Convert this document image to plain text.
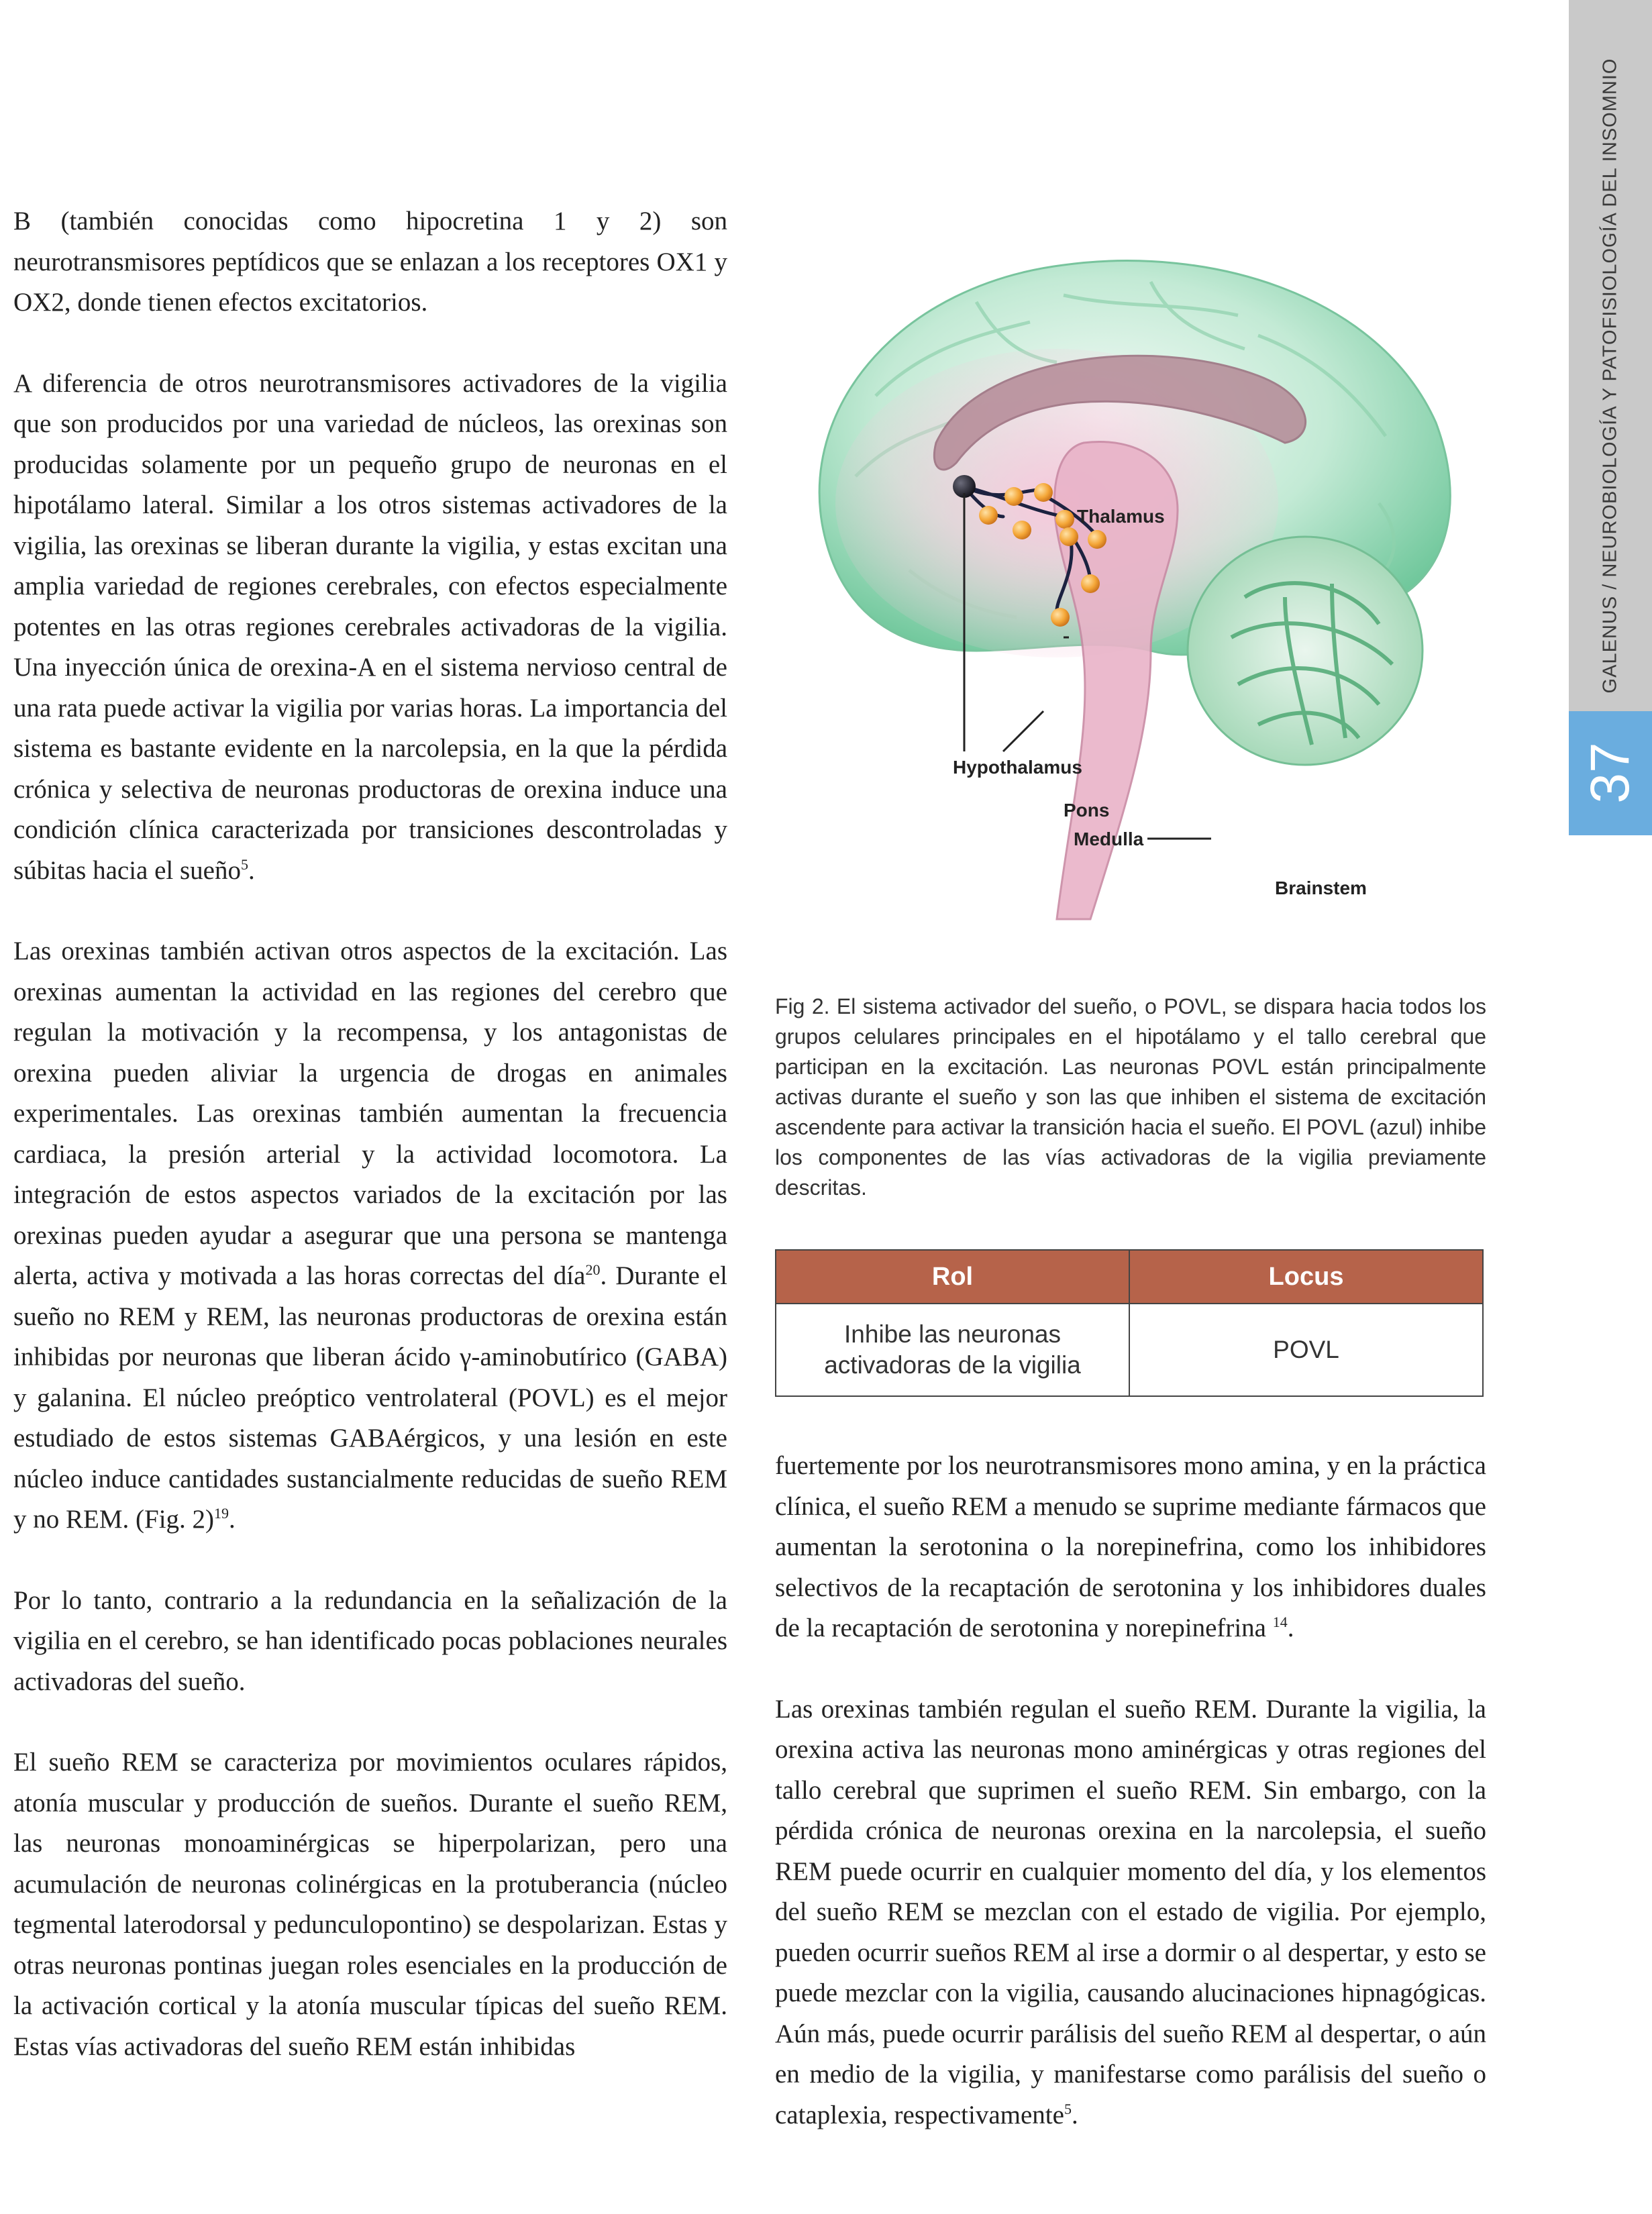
GALENUS / NEUROBIOLOGÍA Y PATOFISIOLOGÍA DEL INSOMNIO
37

B (también conocidas como hipocretina 1 y 2) son neurotransmisores peptídicos que se enlazan a los receptores OX1 y OX2, donde tienen efectos excitatorios.

A diferencia de otros neurotransmisores activadores de la vigilia que son producidos por una variedad de núcleos, las orexinas son producidas solamente por un pequeño grupo de neuronas en el hipotálamo lateral. Similar a los otros sistemas activadores de la vigilia, las orexinas se liberan durante la vigilia, y estas excitan una amplia variedad de regiones cerebrales, con efectos especialmente potentes en las otras regiones cerebrales activadoras de la vigilia. Una inyección única de orexina-A en el sistema nervioso central de una rata puede activar la vigilia por varias horas. La importancia del sistema es bastante evidente en la narcolepsia, en la que la pérdida crónica y selectiva de neuronas productoras de orexina induce una condición clínica caracterizada por transiciones descontroladas y súbitas hacia el sueño$^5$.

Las orexinas también activan otros aspectos de la excitación. Las orexinas aumentan la actividad en las regiones del cerebro que regulan la motivación y la recompensa, y los antagonistas de orexina pueden aliviar la urgencia de drogas en animales experimentales. Las orexinas también aumentan la frecuencia cardiaca, la presión arterial y la actividad locomotora. La integración de estos aspectos variados de la excitación por las orexinas pueden ayudar a asegurar que una persona se mantenga alerta, activa y motivada a las horas correctas del día$^{20}$. Durante el sueño no REM y REM, las neuronas productoras de orexina están inhibidas por neuronas que liberan ácido γ-aminobutírico (GABA) y galanina. El núcleo preóptico ventrolateral (POVL) es el mejor estudiado de estos sistemas GABAérgicos, y una lesión en este núcleo induce cantidades sustancialmente reducidas de sueño REM y no REM. (Fig. 2)$^{19}$.

Por lo tanto, contrario a la redundancia en la señalización de la vigilia en el cerebro, se han identificado pocas poblaciones neurales activadoras del sueño.

El sueño REM se caracteriza por movimientos oculares rápidos, atonía muscular y producción de sueños. Durante el sueño REM, las neuronas monoaminérgicas se hiperpolarizan, pero una acumulación de neuronas colinérgicas en la protuberancia (núcleo tegmental laterodorsal y pedunculopontino) se despolarizan. Estas y otras neuronas pontinas juegan roles esenciales en la producción de la activación cortical y la atonía muscular típicas del sueño REM. Estas vías activadoras del sueño REM están inhibidas

Thalamus
Hypothalamus
Pons
Medulla
Brainstem

Fig 2. El sistema activador del sueño, o POVL, se dispara hacia todos los grupos celulares principales en el hipotálamo y el tallo cerebral que participan en la excitación. Las neuronas POVL están principalmente activas durante el sueño y son las que inhiben el sistema de excitación ascendente para activar la transición hacia el sueño. El POVL (azul) inhibe los componentes de las vías activadoras de la vigilia previamente descritas.

Rol	Locus
Inhibe las neuronas activadoras de la vigilia	POVL

fuertemente por los neurotransmisores mono amina, y en la práctica clínica, el sueño REM a menudo se suprime mediante fármacos que aumentan la serotonina o la norepinefrina, como los inhibidores selectivos de la recaptación de serotonina y los inhibidores duales de la recaptación de serotonina y norepinefrina $^{14}$.

Las orexinas también regulan el sueño REM. Durante la vigilia, la orexina activa las neuronas mono aminérgicas y otras regiones del tallo cerebral que suprimen el sueño REM. Sin embargo, con la pérdida crónica de neuronas orexina en la narcolepsia, el sueño REM puede ocurrir en cualquier momento del día, y los elementos del sueño REM se mezclan con el estado de vigilia. Por ejemplo, pueden ocurrir sueños REM al irse a dormir o al despertar, y esto se puede mezclar con la vigilia, causando alucinaciones hipnagógicas. Aún más, puede ocurrir parálisis del sueño REM al despertar, o aún en medio de la vigilia, y manifestarse como parálisis del sueño o cataplexia, respectivamente$^5$.
